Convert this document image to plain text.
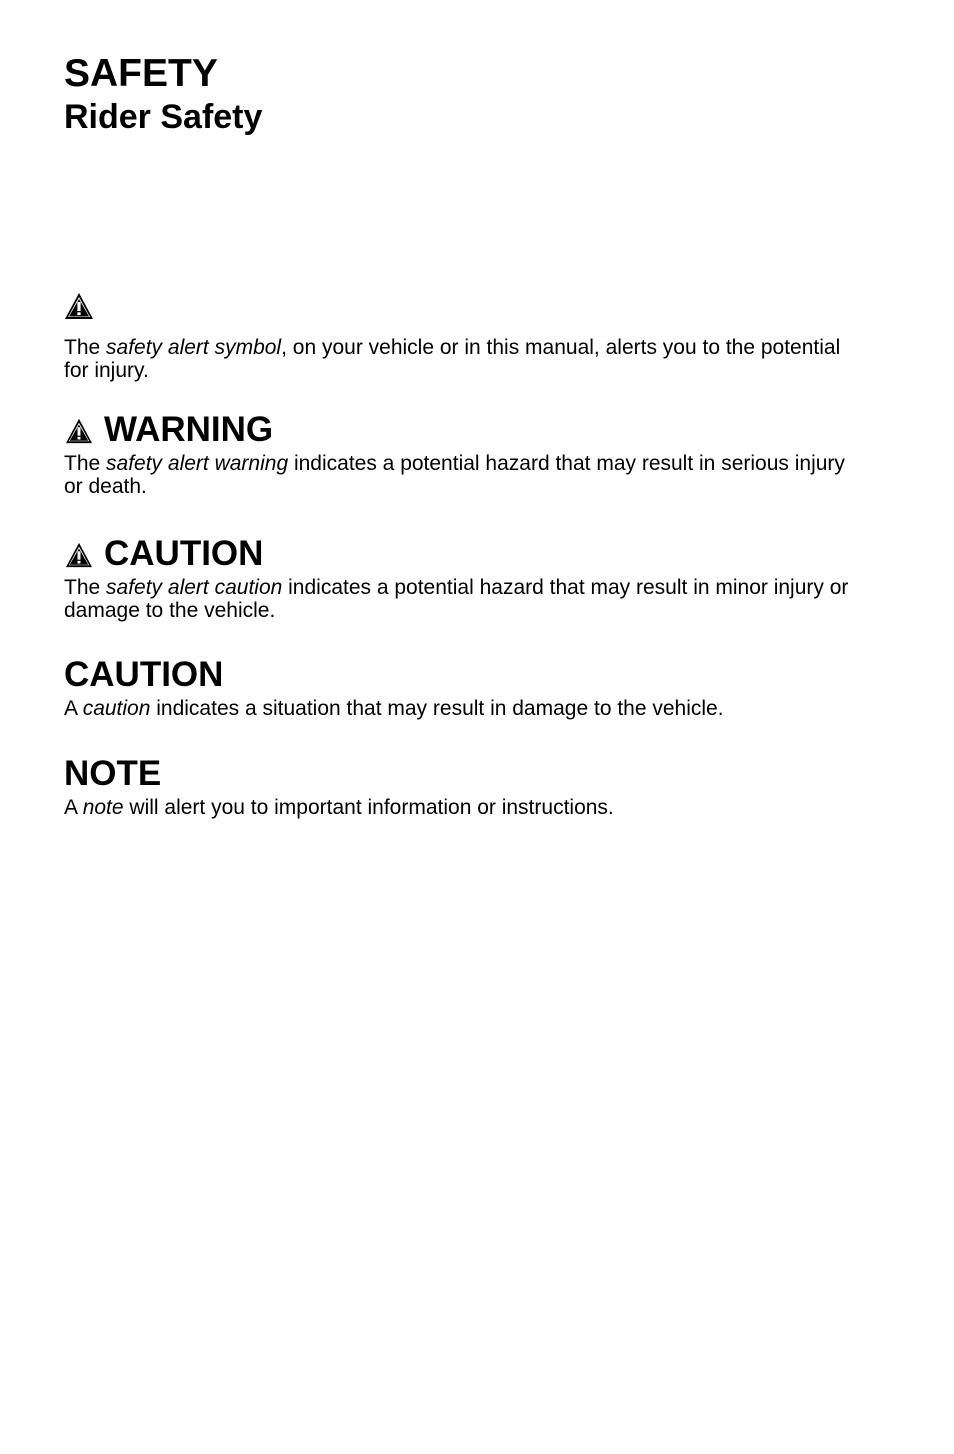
SAFETY
Rider Safety

The safety alert symbol, on your vehicle or in this manual, alerts you to the potential for injury.

WARNING

The safety alert warning indicates a potential hazard that may result in serious injury or death.

CAUTION

The safety alert caution indicates a potential hazard that may result in minor injury or damage to the vehicle.

CAUTION

A caution indicates a situation that may result in damage to the vehicle.

NOTE

A note will alert you to important information or instructions.
